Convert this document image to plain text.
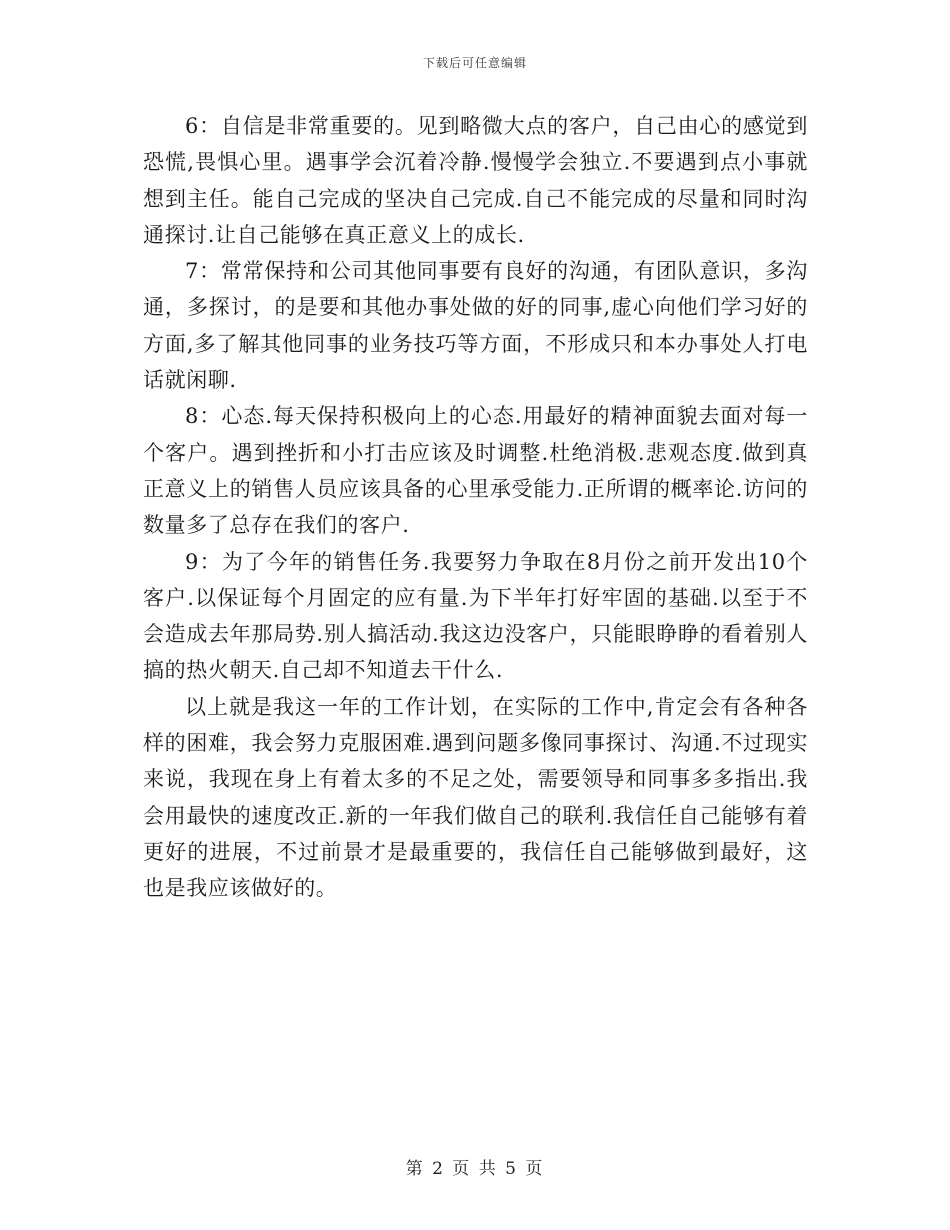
下载后可任意编辑

6：自信是非常重要的。见到略微大点的客户，自己由心的感觉到恐慌,畏惧心里。遇事学会沉着冷静.慢慢学会独立.不要遇到点小事就想到主任。能自己完成的坚决自己完成.自己不能完成的尽量和同时沟通探讨.让自己能够在真正意义上的成长.

7：常常保持和公司其他同事要有良好的沟通，有团队意识，多沟通，多探讨，的是要和其他办事处做的好的同事,虚心向他们学习好的方面,多了解其他同事的业务技巧等方面，不形成只和本办事处人打电话就闲聊.

8：心态.每天保持积极向上的心态.用最好的精神面貌去面对每一个客户。遇到挫折和小打击应该及时调整.杜绝消极.悲观态度.做到真正意义上的销售人员应该具备的心里承受能力.正所谓的概率论.访问的数量多了总存在我们的客户.

9：为了今年的销售任务.我要努力争取在8月份之前开发出10个客户.以保证每个月固定的应有量.为下半年打好牢固的基础.以至于不会造成去年那局势.别人搞活动.我这边没客户，只能眼睁睁的看着别人搞的热火朝天.自己却不知道去干什么.

以上就是我这一年的工作计划，在实际的工作中,肯定会有各种各样的困难，我会努力克服困难.遇到问题多像同事探讨、沟通.不过现实来说，我现在身上有着太多的不足之处，需要领导和同事多多指出.我会用最快的速度改正.新的一年我们做自己的联利.我信任自己能够有着更好的进展，不过前景才是最重要的，我信任自己能够做到最好，这也是我应该做好的。

第 2 页 共 5 页
